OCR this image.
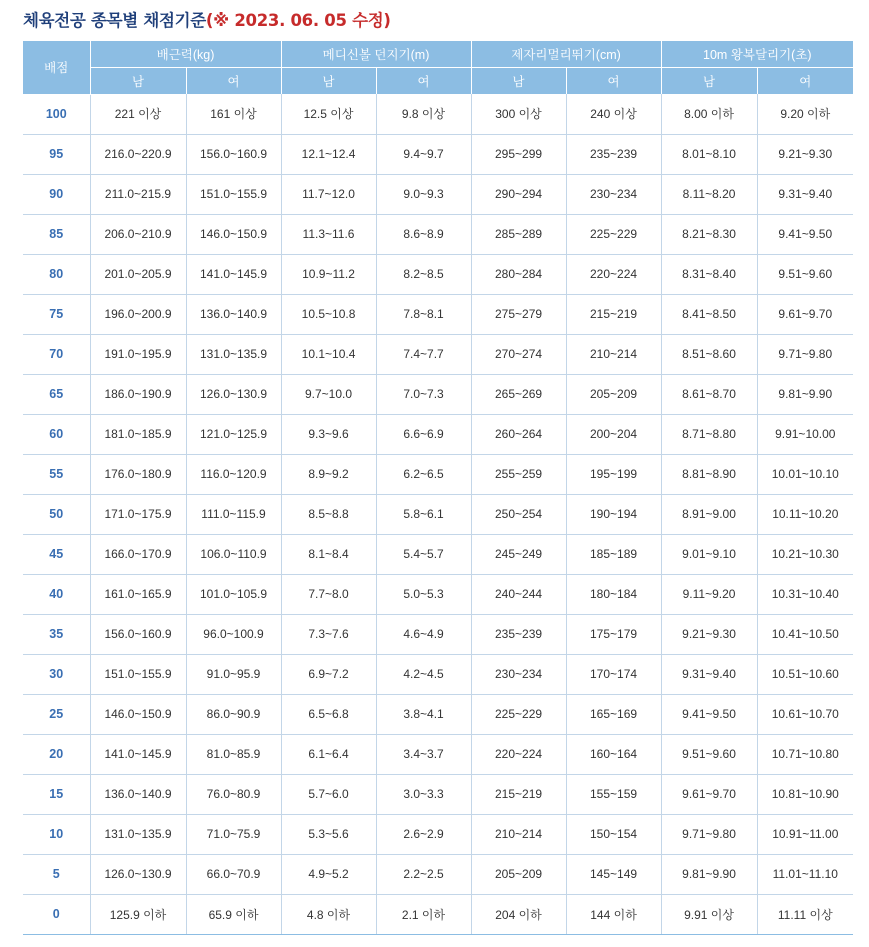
체육전공 종목별 채점기준(※ 2023. 06. 05 수정)
배점	배근력(kg)		메디신볼 던지기(m)		제자리멀리뛰기(cm)		10m 왕복달리기(초)	
	남	여	남	여	남	여	남	여
100	221 이상	161 이상	12.5 이상	9.8 이상	300 이상	240 이상	8.00 이하	9.20 이하
95	216.0~220.9	156.0~160.9	12.1~12.4	9.4~9.7	295~299	235~239	8.01~8.10	9.21~9.30
90	211.0~215.9	151.0~155.9	11.7~12.0	9.0~9.3	290~294	230~234	8.11~8.20	9.31~9.40
85	206.0~210.9	146.0~150.9	11.3~11.6	8.6~8.9	285~289	225~229	8.21~8.30	9.41~9.50
80	201.0~205.9	141.0~145.9	10.9~11.2	8.2~8.5	280~284	220~224	8.31~8.40	9.51~9.60
75	196.0~200.9	136.0~140.9	10.5~10.8	7.8~8.1	275~279	215~219	8.41~8.50	9.61~9.70
70	191.0~195.9	131.0~135.9	10.1~10.4	7.4~7.7	270~274	210~214	8.51~8.60	9.71~9.80
65	186.0~190.9	126.0~130.9	9.7~10.0	7.0~7.3	265~269	205~209	8.61~8.70	9.81~9.90
60	181.0~185.9	121.0~125.9	9.3~9.6	6.6~6.9	260~264	200~204	8.71~8.80	9.91~10.00
55	176.0~180.9	116.0~120.9	8.9~9.2	6.2~6.5	255~259	195~199	8.81~8.90	10.01~10.10
50	171.0~175.9	111.0~115.9	8.5~8.8	5.8~6.1	250~254	190~194	8.91~9.00	10.11~10.20
45	166.0~170.9	106.0~110.9	8.1~8.4	5.4~5.7	245~249	185~189	9.01~9.10	10.21~10.30
40	161.0~165.9	101.0~105.9	7.7~8.0	5.0~5.3	240~244	180~184	9.11~9.20	10.31~10.40
35	156.0~160.9	96.0~100.9	7.3~7.6	4.6~4.9	235~239	175~179	9.21~9.30	10.41~10.50
30	151.0~155.9	91.0~95.9	6.9~7.2	4.2~4.5	230~234	170~174	9.31~9.40	10.51~10.60
25	146.0~150.9	86.0~90.9	6.5~6.8	3.8~4.1	225~229	165~169	9.41~9.50	10.61~10.70
20	141.0~145.9	81.0~85.9	6.1~6.4	3.4~3.7	220~224	160~164	9.51~9.60	10.71~10.80
15	136.0~140.9	76.0~80.9	5.7~6.0	3.0~3.3	215~219	155~159	9.61~9.70	10.81~10.90
10	131.0~135.9	71.0~75.9	5.3~5.6	2.6~2.9	210~214	150~154	9.71~9.80	10.91~11.00
5	126.0~130.9	66.0~70.9	4.9~5.2	2.2~2.5	205~209	145~149	9.81~9.90	11.01~11.10
0	125.9 이하	65.9 이하	4.8 이하	2.1 이하	204 이하	144 이하	9.91 이상	11.11 이상
